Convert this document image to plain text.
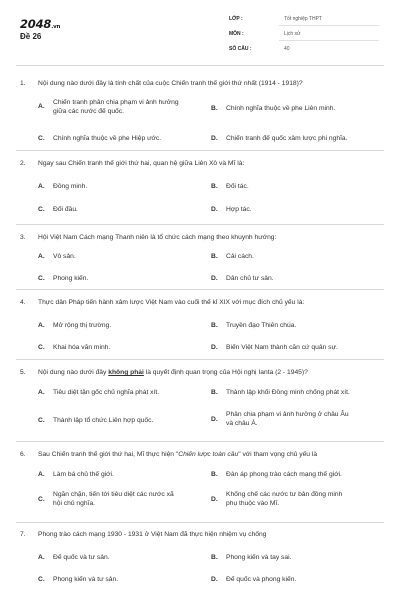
2048.vn
Đề 26
LỚP :	Tốt nghiệp THPT
MÔN :	Lịch sử
SỐ CÂU :	40
1. Nội dung nào dưới đây là tính chất của cuộc Chiến tranh thế giới thứ nhất (1914 - 1918)?
A.
Chiến tranh phân chia phạm vi ảnh hưởng
giữa các nước đế quốc.	B. Chính nghĩa thuộc về phe Liên minh.
C. Chính nghĩa thuộc về phe Hiệp ước.	D. Chiến tranh đế quốc xâm lược phi nghĩa.
2. Ngay sau Chiến tranh thế giới thứ hai, quan hệ giữa Liên Xô và Mĩ là:
A. Đồng minh.	B. Đối tác.
C. Đối đầu.	D. Hợp tác.
3. Hội Việt Nam Cách mạng Thanh niên là tổ chức cách mạng theo khuynh hướng:
A. Vô sản.	B. Cải cách.
C. Phong kiến.	D. Dân chủ tư sản.
4. Thực dân Pháp tiến hành xâm lược Việt Nam vào cuối thế kỉ XIX với mục đích chủ yếu là:
A. Mở rộng thị trường.	B. Truyền đạo Thiên chúa.
C. Khai hóa văn minh.	D. Biến Việt Nam thành căn cứ quân sự.
5. Nội dung nào dưới đây không phải là quyết định quan trọng của Hội nghị Ianta (2 - 1945)?
A. Tiêu diệt tận gốc chủ nghĩa phát xít.	B. Thành lập khối Đồng minh chống phát xít.
C. Thành lập tổ chức Liên hợp quốc.	D.
Phân chia phạm vi ảnh hưởng ở châu Âu
và châu Á.
6. Sau Chiến tranh thế giới thứ hai, Mĩ thực hiện "Chiến lược toàn cầu" với tham vọng chủ yếu là
A. Làm bá chủ thế giới.	B. Đàn áp phong trào cách mạng thế giới.
C.
Ngăn chặn, tiến tới tiêu diệt các nước xã
hội chủ nghĩa.	D.
Khống chế các nước tư bản đồng minh
phụ thuộc vào Mĩ.
7. Phong trào cách mạng 1930 - 1931 ở Việt Nam đã thực hiện nhiệm vụ chống
A. Đế quốc và tư sản.	B. Phong kiến và tay sai.
C. Phong kiến và tư sản.	D. Đế quốc và phong kiến.
